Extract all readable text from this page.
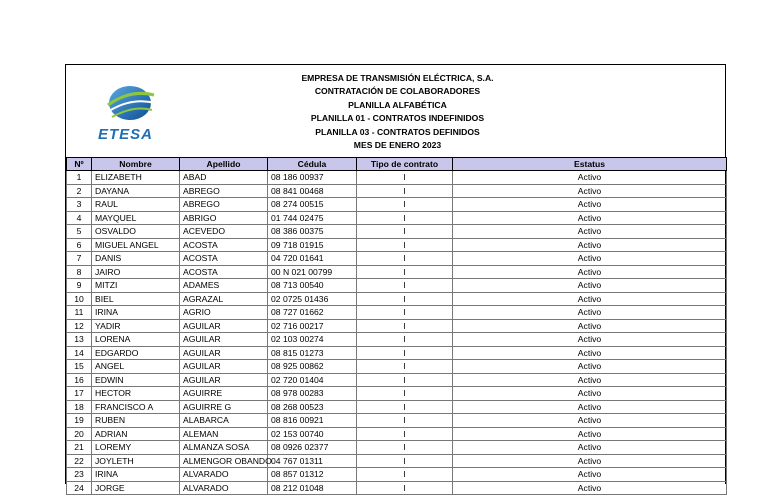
ETESA
EMPRESA DE TRANSMISIÓN ELÉCTRICA, S.A.
CONTRATACIÓN DE COLABORADORES
PLANILLA ALFABÉTICA
PLANILLA 01 - CONTRATOS INDEFINIDOS
PLANILLA 03 - CONTRATOS DEFINIDOS
MES DE ENERO 2023
Nº	Nombre	Apellido	Cédula	Tipo de contrato	Estatus
1	ELIZABETH	ABAD	08 186 00937	I	Activo
2	DAYANA	ABREGO	08 841 00468	I	Activo
3	RAUL	ABREGO	08 274 00515	I	Activo
4	MAYQUEL	ABRIGO	01 744 02475	I	Activo
5	OSVALDO	ACEVEDO	08 386 00375	I	Activo
6	MIGUEL ANGEL	ACOSTA	09 718 01915	I	Activo
7	DANIS	ACOSTA	04 720 01641	I	Activo
8	JAIRO	ACOSTA	00 N 021 00799	I	Activo
9	MITZI	ADAMES	08 713 00540	I	Activo
10	BIEL	AGRAZAL	02 0725 01436	I	Activo
11	IRINA	AGRIO	08 727 01662	I	Activo
12	YADIR	AGUILAR	02 716 00217	I	Activo
13	LORENA	AGUILAR	02 103 00274	I	Activo
14	EDGARDO	AGUILAR	08 815 01273	I	Activo
15	ANGEL	AGUILAR	08 925 00862	I	Activo
16	EDWIN	AGUILAR	02 720 01404	I	Activo
17	HECTOR	AGUIRRE	08 978 00283	I	Activo
18	FRANCISCO A	AGUIRRE G	08 268 00523	I	Activo
19	RUBEN	ALABARCA	08 816 00921	I	Activo
20	ADRIAN	ALEMAN	02 153 00740	I	Activo
21	LOREMY	ALMANZA SOSA	08 0926 02377	I	Activo
22	JOYLETH	ALMENGOR OBANDO	04 767 01311	I	Activo
23	IRINA	ALVARADO	08 857 01312	I	Activo
24	JORGE	ALVARADO	08 212 01048	I	Activo
